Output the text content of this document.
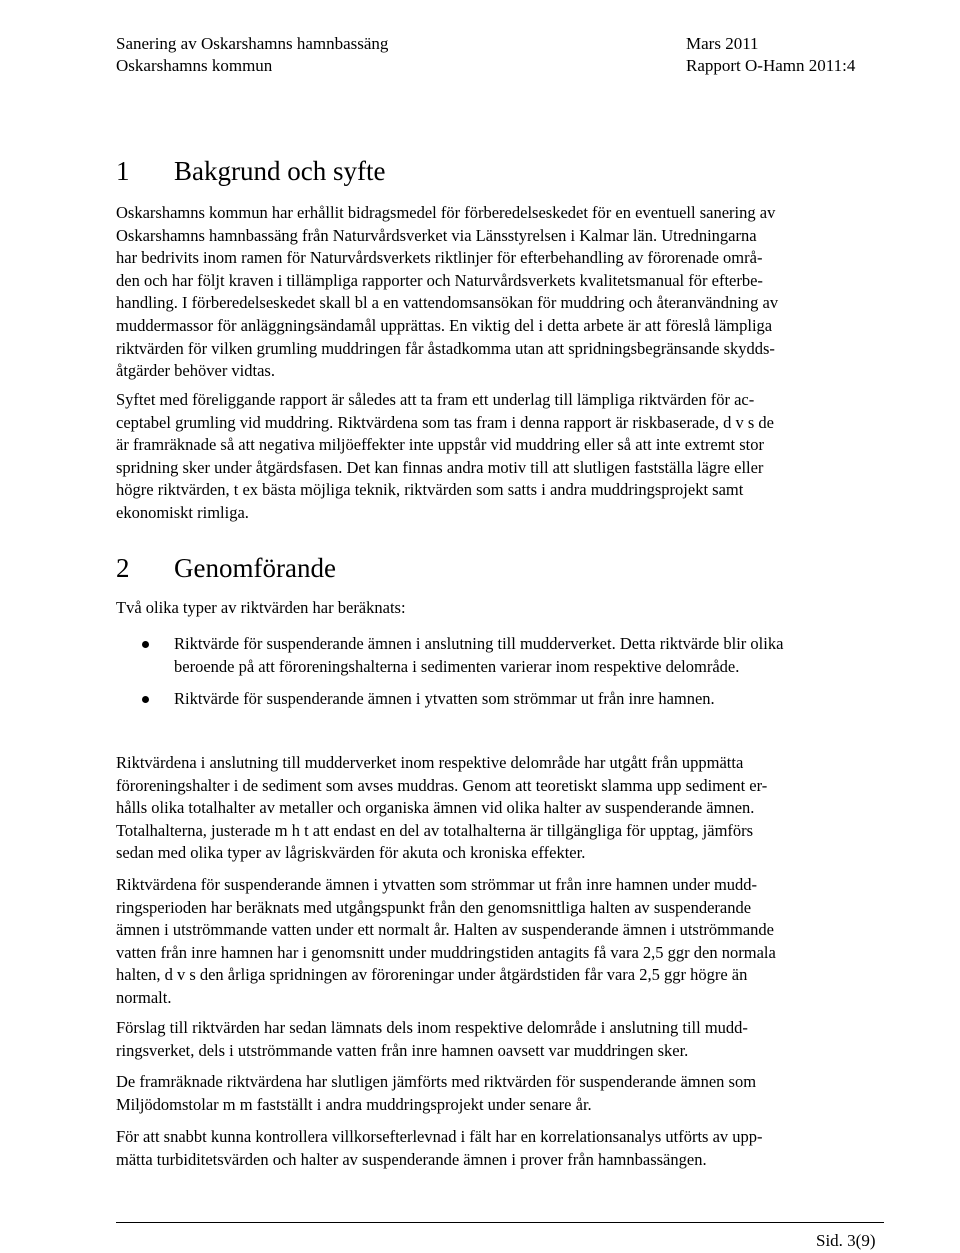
Sanering av Oskarshamns hamnbassäng
Oskarshamns kommun
Mars 2011
Rapport O-Hamn 2011:4
1 Bakgrund och syfte
Oskarshamns kommun har erhållit bidragsmedel för förberedelseskedet för en eventuell sanering av
Oskarshamns hamnbassäng från Naturvårdsverket via Länsstyrelsen i Kalmar län. Utredningarna
har bedrivits inom ramen för Naturvårdsverkets riktlinjer för efterbehandling av förorenade områ-
den och har följt kraven i tillämpliga rapporter och Naturvårdsverkets kvalitetsmanual för efterbe-
handling. I förberedelseskedet skall bl a en vattendomsansökan för muddring och återanvändning av
muddermassor för anläggningsändamål upprättas. En viktig del i detta arbete är att föreslå lämpliga
riktvärden för vilken grumling muddringen får åstadkomma utan att spridningsbegränsande skydds-
åtgärder behöver vidtas.
Syftet med föreliggande rapport är således att ta fram ett underlag till lämpliga riktvärden för ac-
ceptabel grumling vid muddring. Riktvärdena som tas fram i denna rapport är riskbaserade, d v s de
är framräknade så att negativa miljöeffekter inte uppstår vid muddring eller så att inte extremt stor
spridning sker under åtgärdsfasen. Det kan finnas andra motiv till att slutligen fastställa lägre eller
högre riktvärden, t ex bästa möjliga teknik, riktvärden som satts i andra muddringsprojekt samt
ekonomiskt rimliga.
2 Genomförande
Två olika typer av riktvärden har beräknats:
Riktvärde för suspenderande ämnen i anslutning till mudderverket. Detta riktvärde blir olika
beroende på att föroreningshalterna i sedimenten varierar inom respektive delområde.
Riktvärde för suspenderande ämnen i ytvatten som strömmar ut från inre hamnen.
Riktvärdena i anslutning till mudderverket inom respektive delområde har utgått från uppmätta
föroreningshalter i de sediment som avses muddras. Genom att teoretiskt slamma upp sediment er-
hålls olika totalhalter av metaller och organiska ämnen vid olika halter av suspenderande ämnen.
Totalhalterna, justerade m h t att endast en del av totalhalterna är tillgängliga för upptag, jämförs
sedan med olika typer av lågriskvärden för akuta och kroniska effekter.
Riktvärdena för suspenderande ämnen i ytvatten som strömmar ut från inre hamnen under mudd-
ringsperioden har beräknats med utgångspunkt från den genomsnittliga halten av suspenderande
ämnen i utströmmande vatten under ett normalt år. Halten av suspenderande ämnen i utströmmande
vatten från inre hamnen har i genomsnitt under muddringstiden antagits få vara 2,5 ggr den normala
halten, d v s den årliga spridningen av föroreningar under åtgärdstiden får vara 2,5 ggr högre än
normalt.
Förslag till riktvärden har sedan lämnats dels inom respektive delområde i anslutning till mudd-
ringsverket, dels i utströmmande vatten från inre hamnen oavsett var muddringen sker.
De framräknade riktvärdena har slutligen jämförts med riktvärden för suspenderande ämnen som
Miljödomstolar m m fastställt i andra muddringsprojekt under senare år.
För att snabbt kunna kontrollera villkorsefterlevnad i fält har en korrelationsanalys utförts av upp-
mätta turbiditetsvärden och halter av suspenderande ämnen i prover från hamnbassängen.
Sid. 3(9)
